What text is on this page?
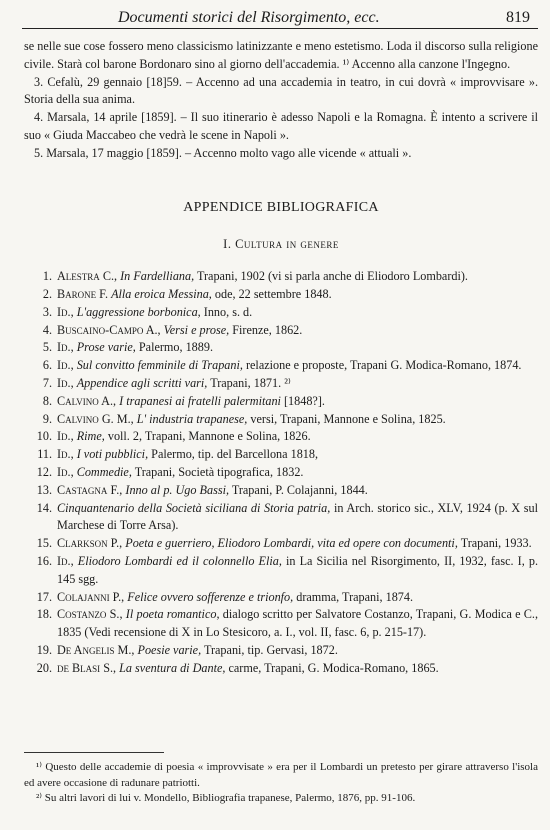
Documenti storici del Risorgimento, ecc.	819

se nelle sue cose fossero meno classicismo latinizzante e meno estetismo. Loda il discorso sulla religione civile. Starà col barone Bordonaro sino al giorno dell'accademia. ¹⁾ Accenno alla canzone l'Ingegno.

3. Cefalù, 29 gennaio [18]59. – Accenno ad una accademia in teatro, in cui dovrà « improvvisare ». Storia della sua anima.

4. Marsala, 14 aprile [1859]. – Il suo itinerario è adesso Napoli e la Romagna. È intento a scrivere il suo « Giuda Maccabeo che vedrà le scene in Napoli ».

5. Marsala, 17 maggio [1859]. – Accenno molto vago alle vicende « attuali ».

APPENDICE BIBLIOGRAFICA
I. Cultura in genere
1. Alestra C., In Fardelliana, Trapani, 1902 (vi si parla anche di Eliodoro Lombardi).
2. Barone F. Alla eroica Messina, ode, 22 settembre 1848.
3. Id., L'aggressione borbonica, Inno, s. d.
4. Buscaino-Campo A., Versi e prose, Firenze, 1862.
5. Id., Prose varie, Palermo, 1889.
6. Id., Sul convitto femminile di Trapani, relazione e proposte, Trapani G. Modica-Romano, 1874.
7. Id., Appendice agli scritti vari, Trapani, 1871. ²⁾
8. Calvino A., I trapanesi ai fratelli palermitani [1848?].
9. Calvino G. M., L' industria trapanese, versi, Trapani, Mannone e Solina, 1825.
10. Id., Rime, voll. 2, Trapani, Mannone e Solina, 1826.
11. Id., I voti pubblici, Palermo, tip. del Barcellona 1818,
12. Id., Commedie, Trapani, Società tipografica, 1832.
13. Castagna F., Inno al p. Ugo Bassi, Trapani, P. Colajanni, 1844.
14. Cinquantenario della Società siciliana di Storia patria, in Arch. storico sic., XLV, 1924 (p. X sul Marchese di Torre Arsa).
15. Clarkson P., Poeta e guerriero, Eliodoro Lombardi, vita ed opere con documenti, Trapani, 1933.
16. Id., Eliodoro Lombardi ed il colonnello Elia, in La Sicilia nel Risorgimento, II, 1932, fasc. I, p. 145 sgg.
17. Colajanni P., Felice ovvero sofferenze e trionfo, dramma, Trapani, 1874.
18. Costanzo S., Il poeta romantico, dialogo scritto per Salvatore Costanzo, Trapani, G. Modica e C., 1835 (Vedi recensione di X in Lo Stesicoro, a. I., vol. II, fasc. 6, p. 215-17).
19. De Angelis M., Poesie varie, Trapani, tip. Gervasi, 1872.
20. de Blasi S., La sventura di Dante, carme, Trapani, G. Modica-Romano, 1865.

¹⁾ Questo delle accademie di poesia « improvvisate » era per il Lombardi un pretesto per girare attraverso l'isola ed avere occasione di radunare patriotti.

²⁾ Su altri lavori di lui v. Mondello, Bibliografia trapanese, Palermo, 1876, pp. 91-106.
